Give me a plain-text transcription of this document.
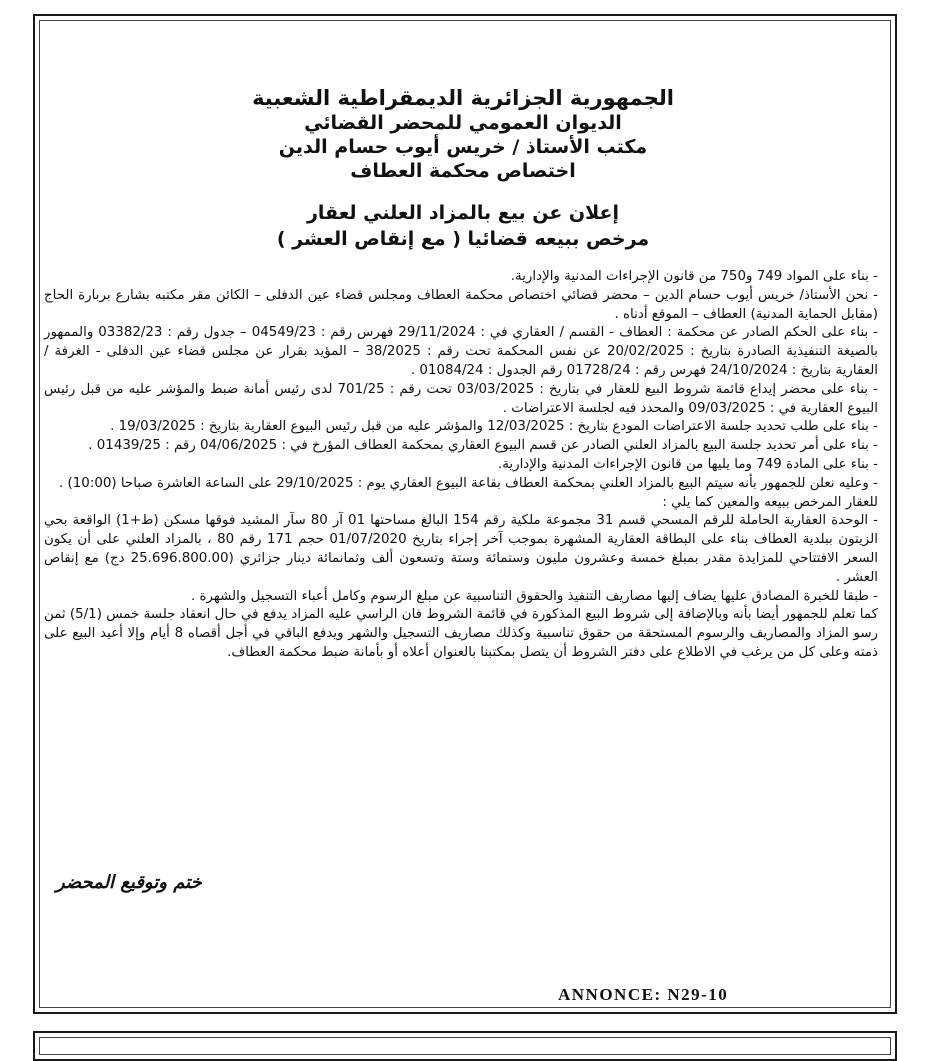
الجمهورية الجزائرية الديمقراطية الشعبية
الديوان العمومي للمحضر القضائي
مكتب الأستاذ / خريس أيوب حسام الدين
اختصاص محكمة العطاف
إعلان عن بيع بالمزاد العلني لعقار
مرخص ببيعه قضائيا ( مع إنقاص العشر )

- بناء على المواد 749 و750 من قانون الإجراءات المدنية والإدارية.

- نحن الأستاذ/ خريس أيوب حسام الدين – محضر قضائي اختصاص محكمة العطاف ومجلس قضاء عين الدفلى – الكائن مقر مكتبه بشارع بربارة الحاج (مقابل الحماية المدنية) العطاف – الموقع أدناه .

- بناء على الحكم الصادر عن محكمة : العطاف - القسم / العقاري في : 29/11/2024 فهرس رقم : 04549/23 – جدول رقم : 03382/23 والممهور بالصيغة التنفيذية الصادرة بتاريخ : 20/02/2025 عن نفس المحكمة تحت رقم : 38/2025 – المؤيد بقرار عن مجلس قضاء عين الدفلى - الغرفة / العقارية بتاريخ : 24/10/2024 فهرس رقم : 01728/24 رقم الجدول : 01084/24 .

- بناء على محضر إيداع قائمة شروط البيع للعقار في بتاريخ : 03/03/2025 تحت رقم : 701/25 لدى رئيس أمانة ضبط والمؤشر عليه من قبل رئيس البيوع العقارية في : 09/03/2025 والمحدد فيه لجلسة الاعتراضات .

- بناء على طلب تحديد جلسة الاعتراضات المودع بتاريخ : 12/03/2025 والمؤشر عليه من قبل رئيس البيوع العقارية بتاريخ : 19/03/2025 .

- بناء على أمر تحديد جلسة البيع بالمزاد العلني الصادر عن قسم البيوع العقاري بمحكمة العطاف المؤرخ في : 04/06/2025 رقم : 01439/25 .

- بناء على المادة 749 وما يليها من قانون الإجراءات المدنية والإدارية.

- وعليه نعلن للجمهور بأنه سيتم البيع بالمزاد العلني بمحكمة العطاف بقاعة البيوع العقاري يوم : 29/10/2025 على الساعة العاشرة صباحا (10:00) .

للعقار المرخص ببيعه والمعين كما يلي :

- الوحدة العقارية الحاملة للرقم المسحي قسم 31 مجموعة ملكية رقم 154 البالغ مساحتها 01 آر 80 سآر المشيد فوقها مسكن (ط+1) الواقعة بحي الزيتون ببلدية العطاف بناء على البطاقة العقارية المشهرة بموجب آخر إجراء بتاريخ 01/07/2020 حجم 171 رقم 80 ، بالمزاد العلني على أن يكون السعر الافتتاحي للمزايدة مقدر بمبلغ خمسة وعشرون مليون وستمائة وستة وتسعون ألف وثمانمائة دينار جزائري (25.696.800.00 دج) مع إنقاص العشر .

- طبقا للخبرة المصادق عليها يضاف إليها مصاريف التنفيذ والحقوق التناسبية عن مبلغ الرسوم وكامل أعباء التسجيل والشهرة .

كما تعلم للجمهور أيضا بأنه وبالإضافة إلى شروط البيع المذكورة في قائمة الشروط فان الراسي عليه المزاد يدفع في حال انعقاد جلسة خمس (5/1) ثمن رسو المزاد والمصاريف والرسوم المستحقة من حقوق تناسبية وكذلك مصاريف التسجيل والشهر ويدفع الباقي في أجل أقصاه 8 أيام وإلا أعيد البيع على ذمته وعلى كل من يرغب في الاطلاع على دفتر الشروط أن يتصل بمكتبنا بالعنوان أعلاه أو بأمانة ضبط محكمة العطاف.

ختم وتوقيع المحضر
ANNONCE: N29-10
